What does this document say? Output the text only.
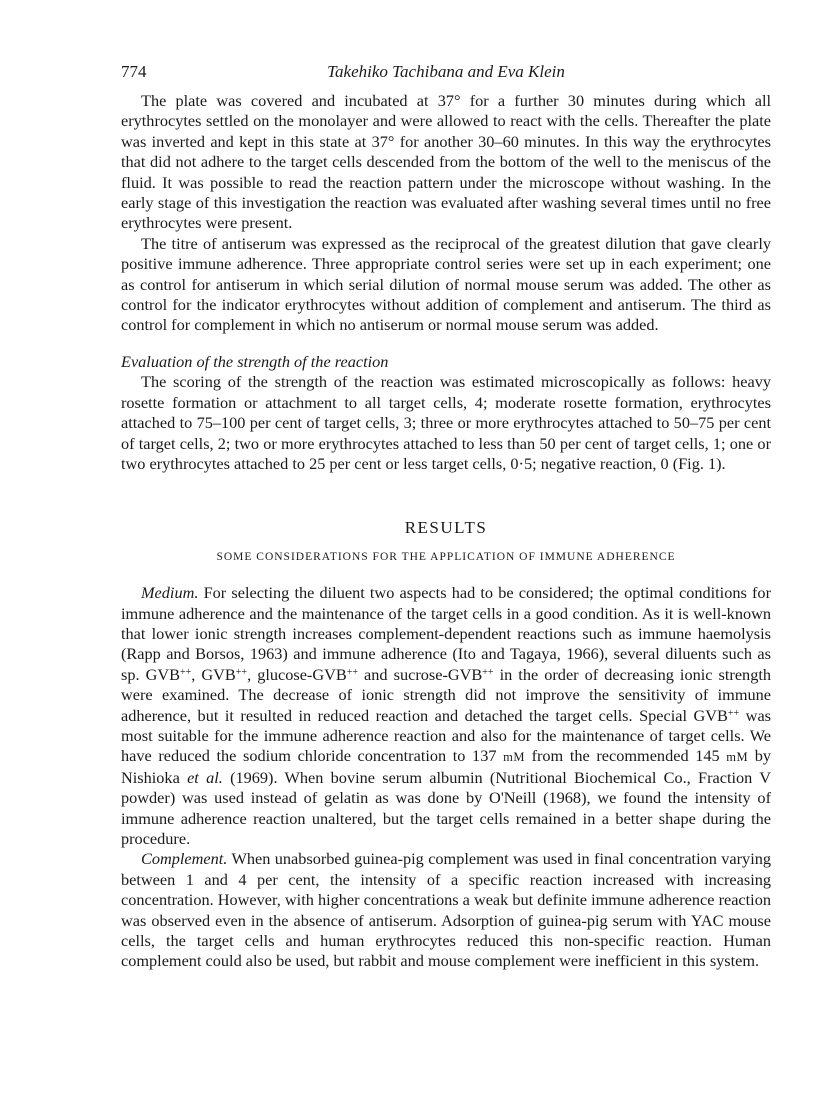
774	Takehiko Tachibana and Eva Klein

The plate was covered and incubated at 37° for a further 30 minutes during which all erythrocytes settled on the monolayer and were allowed to react with the cells. Thereafter the plate was inverted and kept in this state at 37° for another 30–60 minutes. In this way the erythrocytes that did not adhere to the target cells descended from the bottom of the well to the meniscus of the fluid. It was possible to read the reaction pattern under the microscope without washing. In the early stage of this investigation the reaction was evaluated after washing several times until no free erythrocytes were present.

The titre of antiserum was expressed as the reciprocal of the greatest dilution that gave clearly positive immune adherence. Three appropriate control series were set up in each experiment; one as control for antiserum in which serial dilution of normal mouse serum was added. The other as control for the indicator erythrocytes without addition of complement and antiserum. The third as control for complement in which no antiserum or normal mouse serum was added.

Evaluation of the strength of the reaction

The scoring of the strength of the reaction was estimated microscopically as follows: heavy rosette formation or attachment to all target cells, 4; moderate rosette formation, erythrocytes attached to 75–100 per cent of target cells, 3; three or more erythrocytes attached to 50–75 per cent of target cells, 2; two or more erythrocytes attached to less than 50 per cent of target cells, 1; one or two erythrocytes attached to 25 per cent or less target cells, 0·5; negative reaction, 0 (Fig. 1).

RESULTS
SOME CONSIDERATIONS FOR THE APPLICATION OF IMMUNE ADHERENCE

Medium. For selecting the diluent two aspects had to be considered; the optimal conditions for immune adherence and the maintenance of the target cells in a good condition. As it is well-known that lower ionic strength increases complement-dependent reactions such as immune haemolysis (Rapp and Borsos, 1963) and immune adherence (Ito and Tagaya, 1966), several diluents such as sp. GVB++, GVB++, glucose-GVB++ and sucrose-GVB++ in the order of decreasing ionic strength were examined. The decrease of ionic strength did not improve the sensitivity of immune adherence, but it resulted in reduced reaction and detached the target cells. Special GVB++ was most suitable for the immune adherence reaction and also for the maintenance of target cells. We have reduced the sodium chloride concentration to 137 mM from the recommended 145 mM by Nishioka et al. (1969). When bovine serum albumin (Nutritional Biochemical Co., Fraction V powder) was used instead of gelatin as was done by O'Neill (1968), we found the intensity of immune adherence reaction unaltered, but the target cells remained in a better shape during the procedure.

Complement. When unabsorbed guinea-pig complement was used in final concentration varying between 1 and 4 per cent, the intensity of a specific reaction increased with increasing concentration. However, with higher concentrations a weak but definite immune adherence reaction was observed even in the absence of antiserum. Adsorption of guinea-pig serum with YAC mouse cells, the target cells and human erythrocytes reduced this non-specific reaction. Human complement could also be used, but rabbit and mouse complement were inefficient in this system.
